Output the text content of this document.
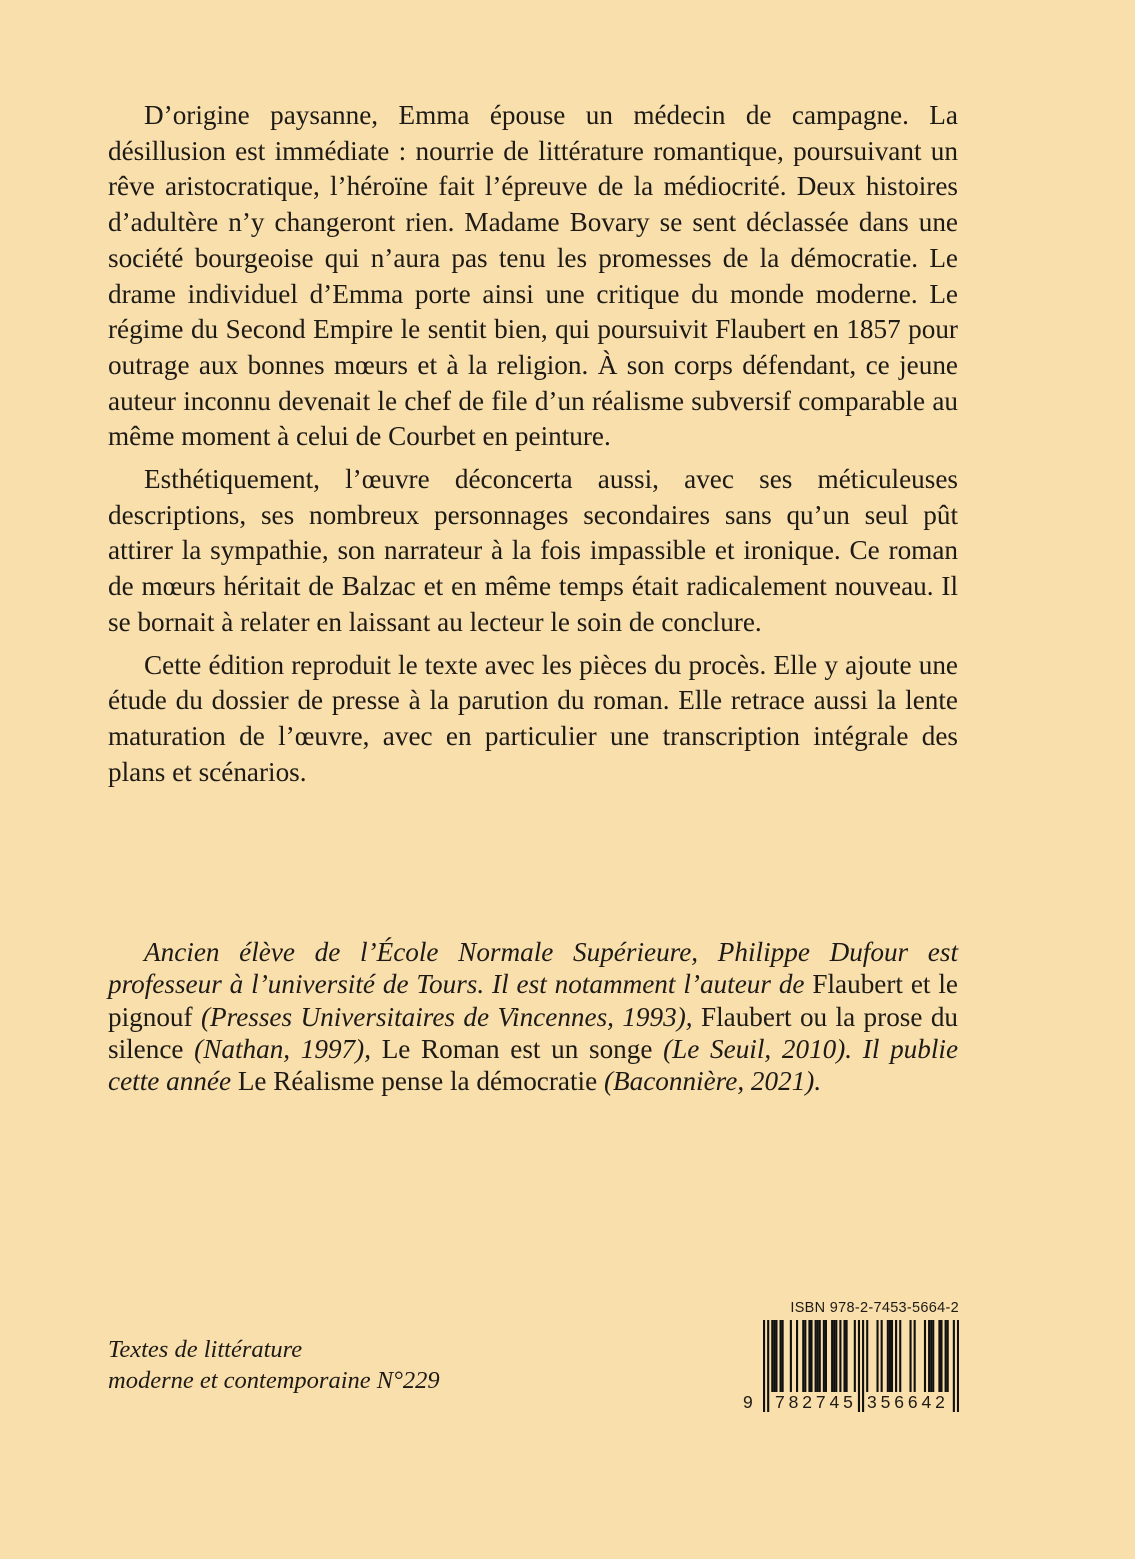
D’origine paysanne, Emma épouse un médecin de campagne. La désillusion est immédiate : nourrie de littérature romantique, poursuivant un rêve aristocratique, l’héroïne fait l’épreuve de la médiocrité. Deux histoires d’adultère n’y changeront rien. Madame Bovary se sent déclassée dans une société bourgeoise qui n’aura pas tenu les promesses de la démocratie. Le drame individuel d’Emma porte ainsi une critique du monde moderne. Le régime du Second Empire le sentit bien, qui poursuivit Flaubert en 1857 pour outrage aux bonnes mœurs et à la religion. À son corps défendant, ce jeune auteur inconnu devenait le chef de file d’un réalisme subversif comparable au même moment à celui de Courbet en peinture.

Esthétiquement, l’œuvre déconcerta aussi, avec ses méticuleuses descriptions, ses nombreux personnages secondaires sans qu’un seul pût attirer la sympathie, son narrateur à la fois impassible et ironique. Ce roman de mœurs héritait de Balzac et en même temps était radicalement nouveau. Il se bornait à relater en laissant au lecteur le soin de conclure.

Cette édition reproduit le texte avec les pièces du procès. Elle y ajoute une étude du dossier de presse à la parution du roman. Elle retrace aussi la lente maturation de l’œuvre, avec en particulier une transcription intégrale des plans et scénarios.

Ancien élève de l’École Normale Supérieure, Philippe Dufour est professeur à l’université de Tours. Il est notamment l’auteur de Flaubert et le pignouf (Presses Universitaires de Vincennes, 1993), Flaubert ou la prose du silence (Nathan, 1997), Le Roman est un songe (Le Seuil, 2010). Il publie cette année Le Réalisme pense la démocratie (Baconnière, 2021).

Textes de littérature
moderne et contemporaine N°229

ISBN 978-2-7453-5664-2
9 782745 356642
